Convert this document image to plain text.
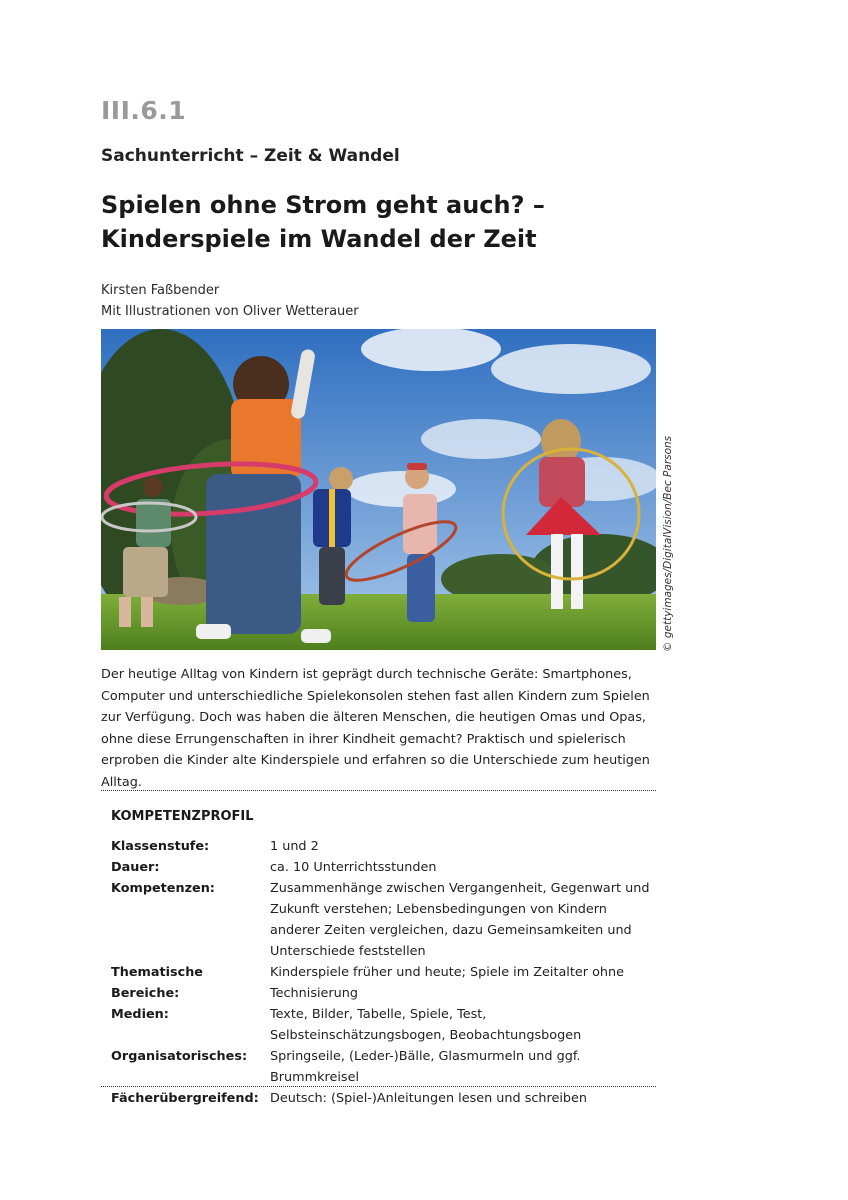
III.6.1
Sachunterricht – Zeit & Wandel
Spielen ohne Strom geht auch? –
Kinderspiele im Wandel der Zeit
Kirsten Faßbender
Mit Illustrationen von Oliver Wetterauer
© gettyimages/DigitalVision/Bec Parsons

Der heutige Alltag von Kindern ist geprägt durch technische Geräte: Smartphones, Computer und unterschiedliche Spielekonsolen stehen fast allen Kindern zum Spielen zur Verfügung. Doch was haben die älteren Menschen, die heutigen Omas und Opas, ohne diese Errungenschaften in ihrer Kindheit gemacht? Praktisch und spielerisch erproben die Kinder alte Kinderspiele und erfahren so die Unterschiede zum heutigen Alltag.

KOMPETENZPROFIL
Klassenstufe:	1 und 2
Dauer:	ca. 10 Unterrichtsstunden
Kompetenzen:	Zusammenhänge zwischen Vergangenheit, Gegenwart und Zukunft verstehen; Lebensbedingungen von Kindern anderer Zeiten vergleichen, dazu Gemeinsamkeiten und Unterschiede feststellen
Thematische Bereiche:
Kinderspiele früher und heute; Spiele im Zeitalter ohne Technisierung
Medien:	Texte, Bilder, Tabelle, Spiele, Test, Selbsteinschätzungsbogen, Beobachtungsbogen
Organisatorisches:	Springseile, (Leder-)Bälle, Glasmurmeln und ggf. Brummkreisel
Fächerübergreifend: Deutsch: (Spiel-)Anleitungen lesen und schreiben
